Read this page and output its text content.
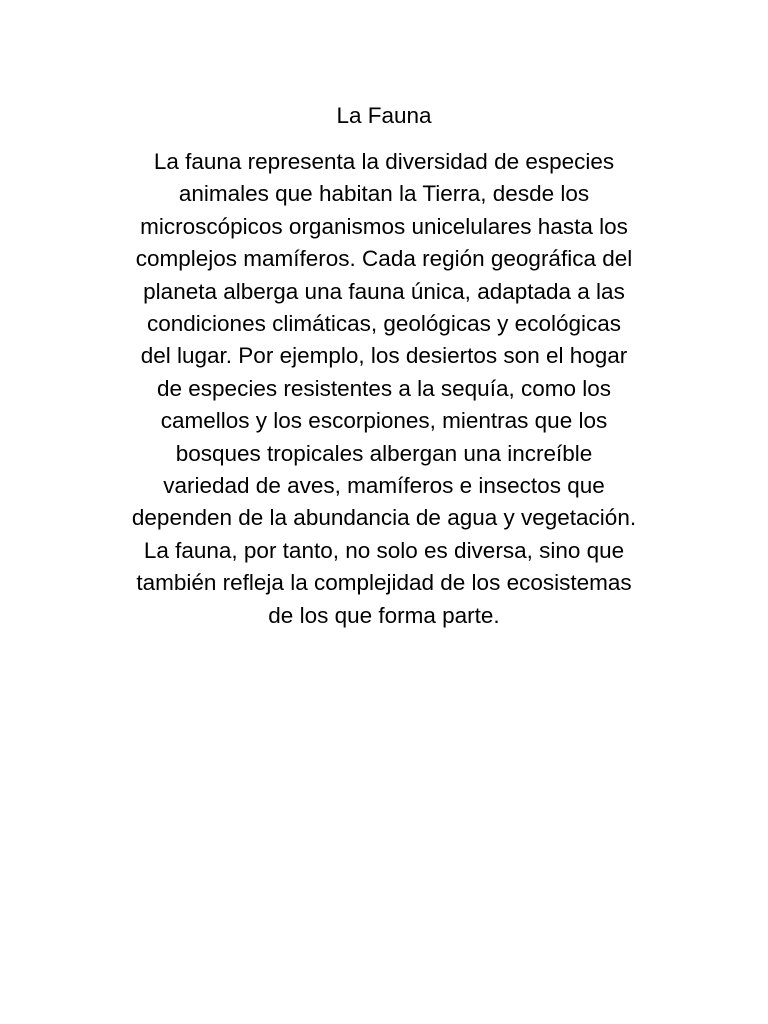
La Fauna

La fauna representa la diversidad de especies
animales que habitan la Tierra, desde los
microscópicos organismos unicelulares hasta los
complejos mamíferos. Cada región geográfica del
planeta alberga una fauna única, adaptada a las
condiciones climáticas, geológicas y ecológicas
del lugar. Por ejemplo, los desiertos son el hogar
de especies resistentes a la sequía, como los
camellos y los escorpiones, mientras que los
bosques tropicales albergan una increíble
variedad de aves, mamíferos e insectos que
dependen de la abundancia de agua y vegetación.
La fauna, por tanto, no solo es diversa, sino que
también refleja la complejidad de los ecosistemas
de los que forma parte.
